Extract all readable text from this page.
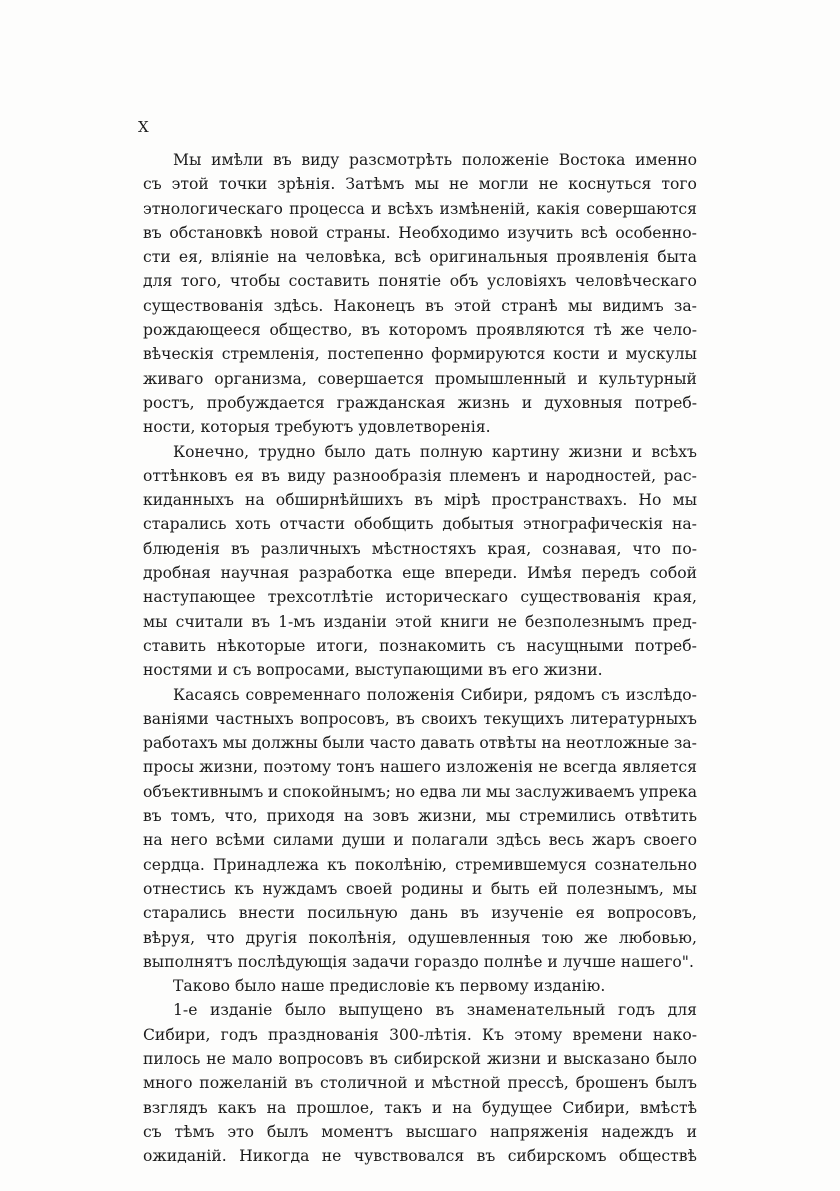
X
Мы имѣли въ виду разсмотрѣть положеніе Востока именно
съ этой точки зрѣнія. Затѣмъ мы не могли не коснуться того
этнологическаго процесса и всѣхъ измѣненій, какія совершаются
въ обстановкѣ новой страны. Необходимо изучить всѣ особенно-
сти ея, вліяніе на человѣка, всѣ оригинальныя проявленія быта
для того, чтобы составить понятіе объ условіяхъ человѣческаго
существованія здѣсь. Наконецъ въ этой странѣ мы видимъ за-
рождающееся общество, въ которомъ проявляются тѣ же чело-
вѣческія стремленія, постепенно формируются кости и мускулы
живаго организма, совершается промышленный и культурный
ростъ, пробуждается гражданская жизнь и духовныя потреб-
ности, которыя требуютъ удовлетворенія.
Конечно, трудно было дать полную картину жизни и всѣхъ
оттѣнковъ ея въ виду разнообразія племенъ и народностей, рас-
киданныхъ на обширнѣйшихъ въ мірѣ пространствахъ. Но мы
старались хоть отчасти обобщить добытыя этнографическія на-
блюденія въ различныхъ мѣстностяхъ края, сознавая, что по-
дробная научная разработка еще впереди. Имѣя передъ собой
наступающее трехсотлѣтіе историческаго существованія края,
мы считали въ 1-мъ изданіи этой книги не безполезнымъ пред-
ставить нѣкоторые итоги, познакомить съ насущными потреб-
ностями и съ вопросами, выступающими въ его жизни.
Касаясь современнаго положенія Сибири, рядомъ съ изслѣдо-
ваніями частныхъ вопросовъ, въ своихъ текущихъ литературныхъ
работахъ мы должны были часто давать отвѣты на неотложные за-
просы жизни, поэтому тонъ нашего изложенія не всегда является
объективнымъ и спокойнымъ; но едва ли мы заслуживаемъ упрека
въ томъ, что, приходя на зовъ жизни, мы стремились отвѣтить
на него всѣми силами души и полагали здѣсь весь жаръ своего
сердца. Принадлежа къ поколѣнію, стремившемуся сознательно
отнестись къ нуждамъ своей родины и быть ей полезнымъ, мы
старались внести посильную дань въ изученіе ея вопросовъ,
вѣруя, что другія поколѣнія, одушевленныя тою же любовью,
выполнятъ послѣдующія задачи гораздо полнѣе и лучше нашего".
Таково было наше предисловіе къ первому изданію.
1-е изданіе было выпущено въ знаменательный годъ для
Сибири, годъ празднованія 300-лѣтія. Къ этому времени нако-
пилось не мало вопросовъ въ сибирской жизни и высказано было
много пожеланій въ столичной и мѣстной прессѣ, брошенъ былъ
взглядъ какъ на прошлое, такъ и на будущее Сибири, вмѣстѣ
съ тѣмъ это былъ моментъ высшаго напряженія надеждъ и
ожиданій. Никогда не чувствовался въ сибирскомъ обществѣ
